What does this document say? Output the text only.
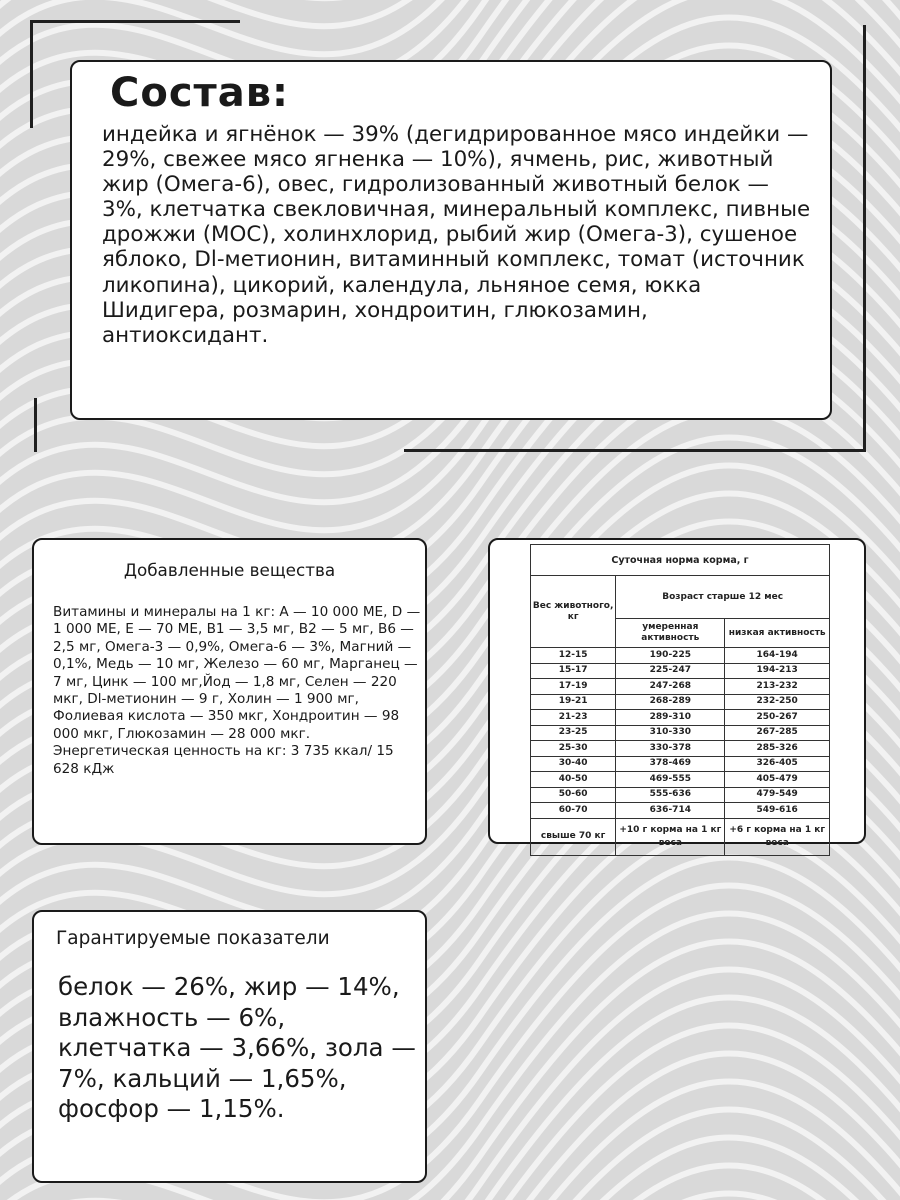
Состав:

индейка и ягнёнок — 39% (дегидрированное мясо индейки — 29%, свежее мясо ягненка — 10%), ячмень, рис, животный жир (Омега-6), овес, гидролизованный животный белок — 3%, клетчатка свекловичная, минеральный комплекс, пивные дрожжи (МОС), холинхлорид, рыбий жир (Омега-3), сушеное яблоко, Dl-метионин, витаминный комплекс, томат (источник ликопина), цикорий, календула, льняное семя, юкка Шидигера, розмарин, хондроитин, глюкозамин, антиоксидант.

Добавленные вещества

Витамины и минералы на 1 кг: А — 10 000 МЕ, D — 1 000 МЕ, Е — 70 МЕ, В1 — 3,5 мг, В2 — 5 мг, В6 — 2,5 мг, Омега-3 — 0,9%, Омега-6 — 3%, Магний — 0,1%, Медь — 10 мг, Железо — 60 мг, Марганец — 7 мг, Цинк — 100 мг,Йод — 1,8 мг, Селен — 220 мкг, Dl-метионин — 9 г, Холин — 1 900 мг, Фолиевая кислота — 350 мкг, Хондроитин — 98 000 мкг, Глюкозамин — 28 000 мкг. Энергетическая ценность на кг: 3 735 ккал/ 15 628 кДж

Суточная норма корма, г		
Вес животного, кг	Возраст старше 12 мес	
	умеренная активность	низкая активность
12-15	190-225	164-194
15-17	225-247	194-213
17-19	247-268	213-232
19-21	268-289	232-250
21-23	289-310	250-267
23-25	310-330	267-285
25-30	330-378	285-326
30-40	378-469	326-405
40-50	469-555	405-479
50-60	555-636	479-549
60-70	636-714	549-616
свыше 70 кг	+10 г корма на 1 кг веса	+6 г корма на 1 кг веса
Гарантируемые показатели

белок — 26%, жир — 14%, влажность — 6%, клетчатка — 3,66%, зола — 7%, кальций — 1,65%, фосфор — 1,15%.
